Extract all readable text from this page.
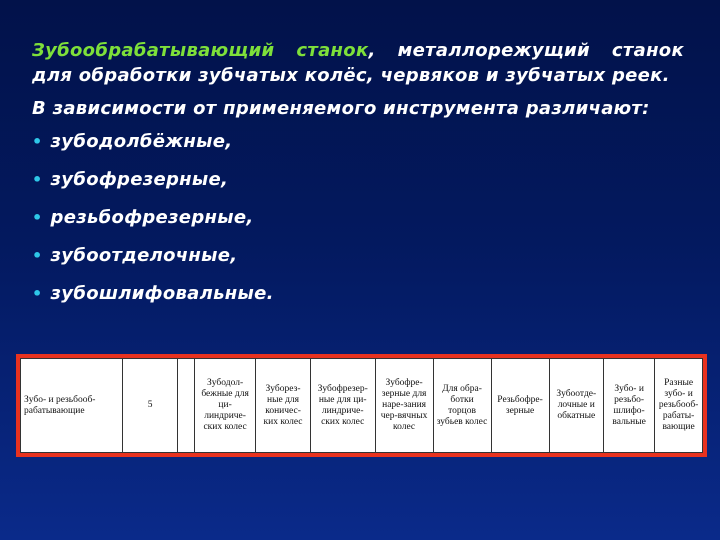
Зубообрабатывающий станок, металлорежущий станок для обработки зубчатых колёс, червяков и зубчатых реек.

В зависимости от применяемого инструмента различают:

• зубодолбёжные,
• зубофрезерные,
• резьбофрезерные,
• зубоотделочные,
• зубошлифовальные.
Зубо- и резьбооб-рабатывающие	5		Зубодол-бежные для ци-линдриче-ских колес	Зуборез-ные для коничес-ких колес	Зубофрезер-ные для ци-линдриче-ских колес	Зубофре-зерные для наре-зания чер-вячных колес	Для обра-ботки торцов зубьев колес	Резьбофре-зерные	Зубоотде-лочные и обкатные	Зубо- и резьбо-шлифо-вальные	Разные зубо- и резьбооб-рабаты-вающие
